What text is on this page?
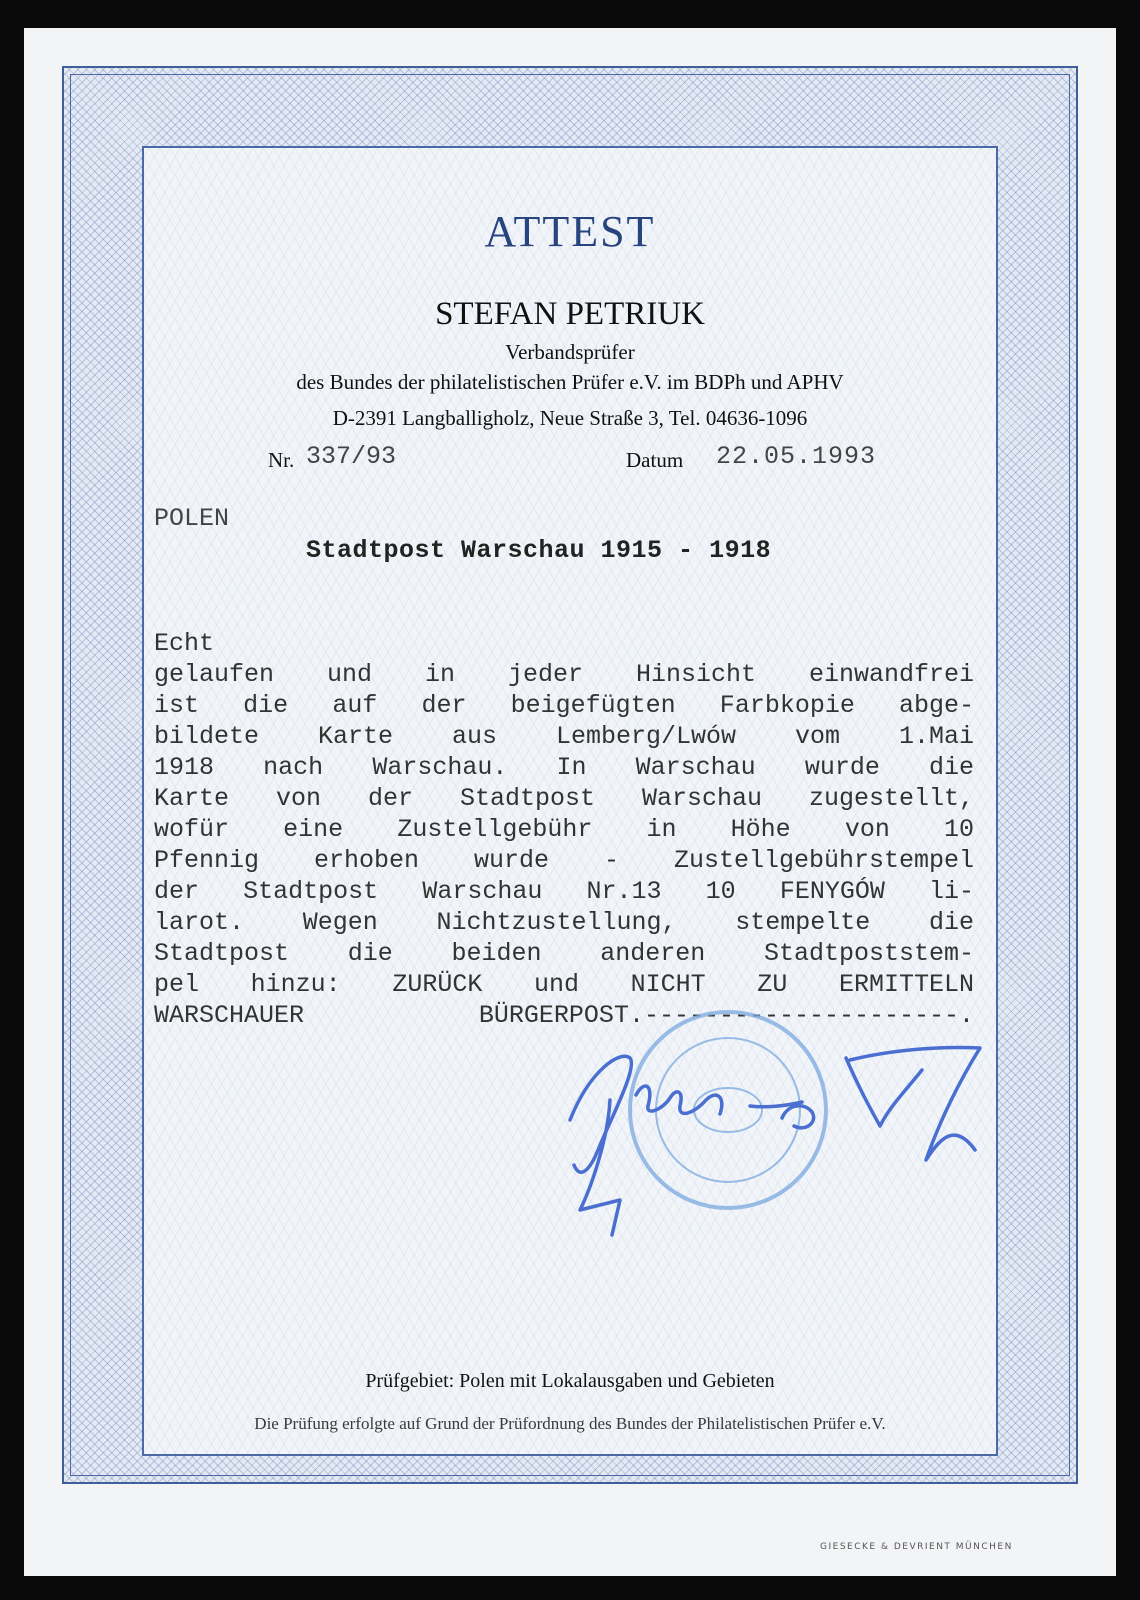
ATTEST
STEFAN PETRIUK
Verbandsprüfer
des Bundes der philatelistischen Prüfer e.V. im BDPh und APHV
D-2391 Langballigholz, Neue Straße 3, Tel. 04636-1096
Nr. 337/93	Datum 22.05.1993
POLEN
Stadtpost Warschau 1915 - 1918
Echt
gelaufen und in jeder Hinsicht einwandfrei
ist die auf der beigefügten Farbkopie abge-
bildete Karte aus Lemberg/Lwów vom 1.Mai
1918 nach Warschau. In Warschau wurde die
Karte von der Stadtpost Warschau zugestellt,
wofür eine Zustellgebühr in Höhe von 10
Pfennig erhoben wurde - Zustellgebührstempel
der Stadtpost Warschau Nr.13 10 FENYGÓW li-
larot. Wegen Nichtzustellung, stempelte die
Stadtpost die beiden anderen Stadtpoststem-
pel hinzu: ZURÜCK und NICHT ZU ERMITTELN
WARSCHAUER BÜRGERPOST.---------------------.
Prüfgebiet: Polen mit Lokalausgaben und Gebieten
Die Prüfung erfolgte auf Grund der Prüfordnung des Bundes der Philatelistischen Prüfer e.V.
GIESECKE & DEVRIENT MÜNCHEN
